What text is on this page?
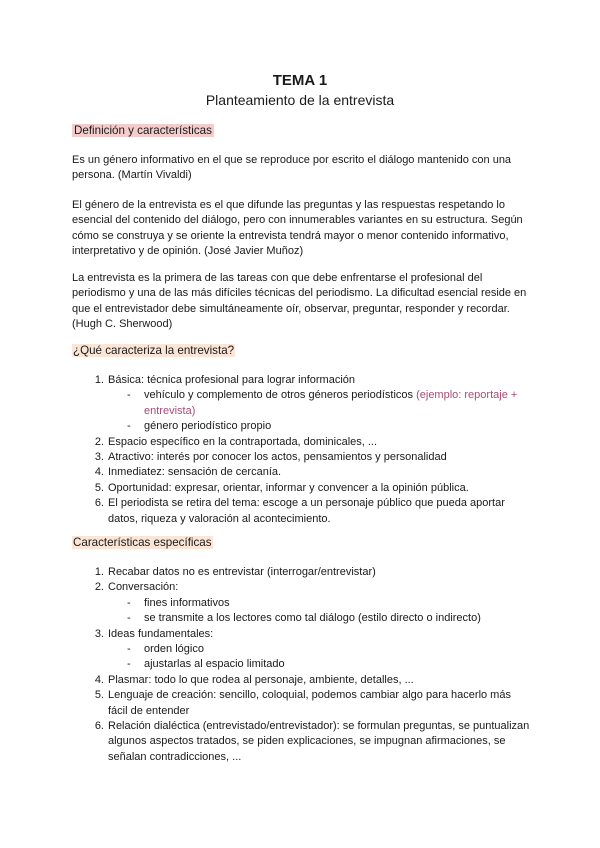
TEMA 1
Planteamiento de la entrevista
Definición y características
Es un género informativo en el que se reproduce por escrito el diálogo mantenido con una persona. (Martín Vivaldi)
El género de la entrevista es el que difunde las preguntas y las respuestas respetando lo esencial del contenido del diálogo, pero con innumerables variantes en su estructura. Según cómo se construya y se oriente la entrevista tendrá mayor o menor contenido informativo, interpretativo y de opinión. (José Javier Muñoz)
La entrevista es la primera de las tareas con que debe enfrentarse el profesional del periodismo y una de las más difíciles técnicas del periodismo. La dificultad esencial reside en que el entrevistador debe simultáneamente oír, observar, preguntar, responder y recordar. (Hugh C. Sherwood)
¿Qué caracteriza la entrevista?
1. Básica: técnica profesional para lograr información
- vehículo y complemento de otros géneros periodísticos (ejemplo: reportaje + entrevista)
- género periodístico propio
2. Espacio específico en la contraportada, dominicales, ...
3. Atractivo: interés por conocer los actos, pensamientos y personalidad
4. Inmediatez: sensación de cercanía.
5. Oportunidad: expresar, orientar, informar y convencer a la opinión pública.
6. El periodista se retira del tema: escoge a un personaje público que pueda aportar datos, riqueza y valoración al acontecimiento.
Características específicas
1. Recabar datos no es entrevistar (interrogar/entrevistar)
2. Conversación:
- fines informativos
- se transmite a los lectores como tal diálogo (estilo directo o indirecto)
3. Ideas fundamentales:
- orden lógico
- ajustarlas al espacio limitado
4. Plasmar: todo lo que rodea al personaje, ambiente, detalles, ...
5. Lenguaje de creación: sencillo, coloquial, podemos cambiar algo para hacerlo más fácil de entender
6. Relación dialéctica (entrevistado/entrevistador): se formulan preguntas, se puntualizan algunos aspectos tratados, se piden explicaciones, se impugnan afirmaciones, se señalan contradicciones, ...
